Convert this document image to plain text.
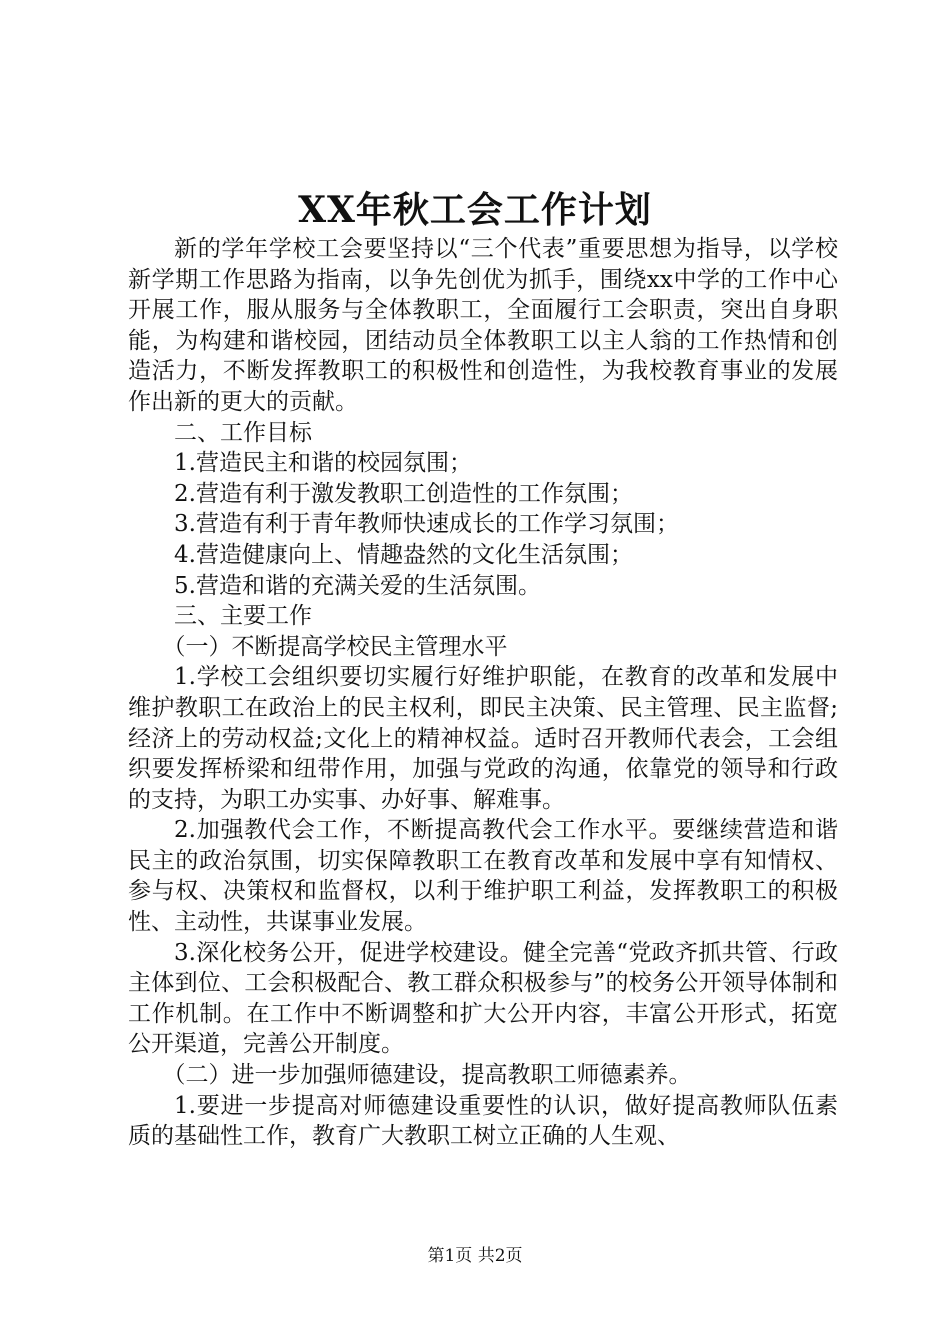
XX年秋工会工作计划

新的学年学校工会要坚持以“三个代表”重要思想为指导，以学校新学期工作思路为指南，以争先创优为抓手，围绕xx中学的工作中心开展工作，服从服务与全体教职工，全面履行工会职责，突出自身职能，为构建和谐校园，团结动员全体教职工以主人翁的工作热情和创造活力，不断发挥教职工的积极性和创造性，为我校教育事业的发展作出新的更大的贡献。

二、工作目标

1.营造民主和谐的校园氛围；

2.营造有利于激发教职工创造性的工作氛围；

3.营造有利于青年教师快速成长的工作学习氛围；

4.营造健康向上、情趣盎然的文化生活氛围；

5.营造和谐的充满关爱的生活氛围。

三、主要工作

（一）不断提高学校民主管理水平

1.学校工会组织要切实履行好维护职能，在教育的改革和发展中维护教职工在政治上的民主权利，即民主决策、民主管理、民主监督;经济上的劳动权益;文化上的精神权益。适时召开教师代表会，工会组织要发挥桥梁和纽带作用，加强与党政的沟通，依靠党的领导和行政的支持，为职工办实事、办好事、解难事。

2.加强教代会工作，不断提高教代会工作水平。要继续营造和谐民主的政治氛围，切实保障教职工在教育改革和发展中享有知情权、参与权、决策权和监督权，以利于维护职工利益，发挥教职工的积极性、主动性，共谋事业发展。

3.深化校务公开，促进学校建设。健全完善“党政齐抓共管、行政主体到位、工会积极配合、教工群众积极参与”的校务公开领导体制和工作机制。在工作中不断调整和扩大公开内容，丰富公开形式，拓宽公开渠道，完善公开制度。

（二）进一步加强师德建设，提高教职工师德素养。

1.要进一步提高对师德建设重要性的认识，做好提高教师队伍素质的基础性工作，教育广大教职工树立正确的人生观、

第1页 共2页
